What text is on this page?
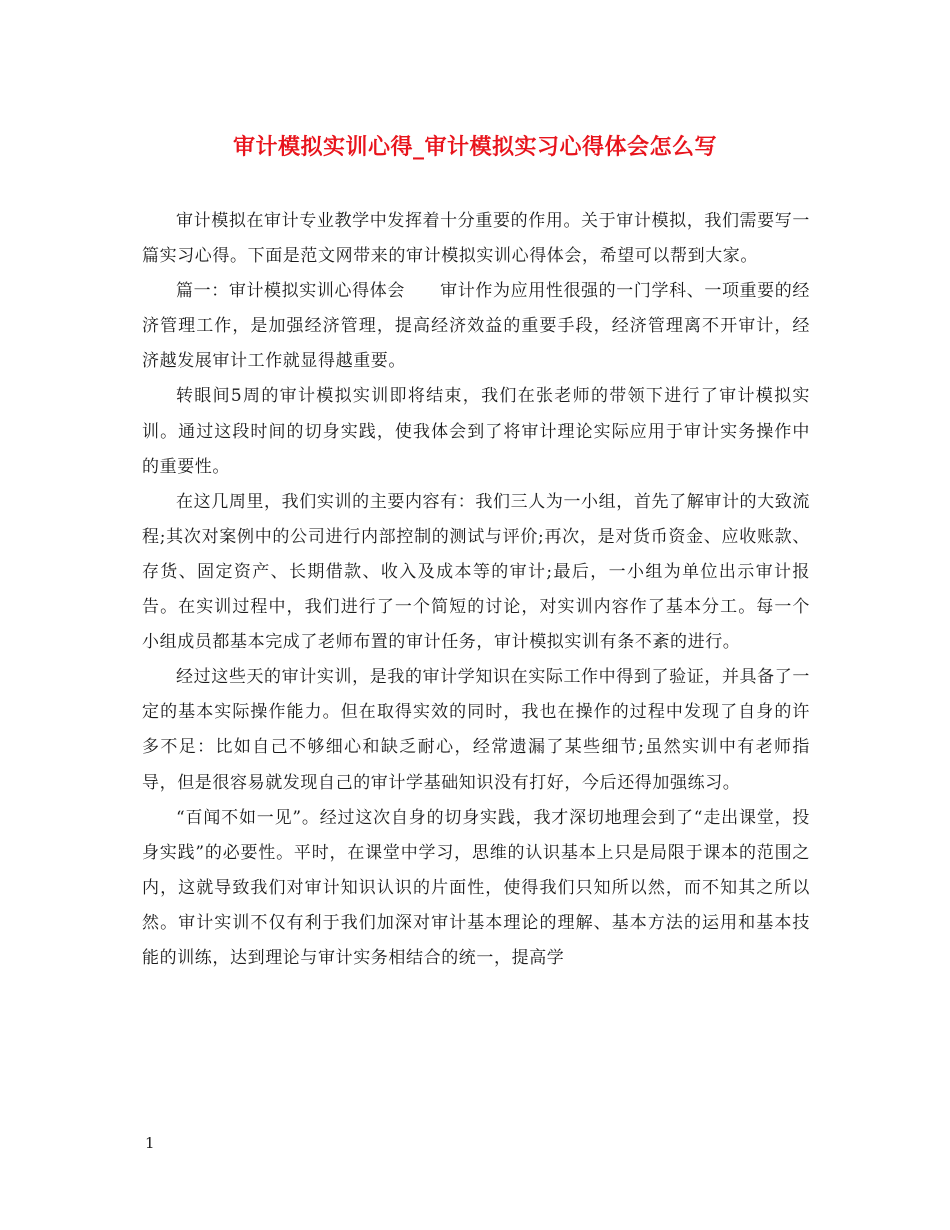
审计模拟实训心得_审计模拟实习心得体会怎么写

审计模拟在审计专业教学中发挥着十分重要的作用。关于审计模拟，我们需要写一篇实习心得。下面是范文网带来的审计模拟实训心得体会，希望可以帮到大家。

篇一：审计模拟实训心得体会　　审计作为应用性很强的一门学科、一项重要的经济管理工作，是加强经济管理，提高经济效益的重要手段，经济管理离不开审计，经济越发展审计工作就显得越重要。

转眼间5周的审计模拟实训即将结束，我们在张老师的带领下进行了审计模拟实训。通过这段时间的切身实践，使我体会到了将审计理论实际应用于审计实务操作中的重要性。

在这几周里，我们实训的主要内容有：我们三人为一小组，首先了解审计的大致流程;其次对案例中的公司进行内部控制的测试与评价;再次，是对货币资金、应收账款、存货、固定资产、长期借款、收入及成本等的审计;最后，一小组为单位出示审计报告。在实训过程中，我们进行了一个简短的讨论，对实训内容作了基本分工。每一个小组成员都基本完成了老师布置的审计任务，审计模拟实训有条不紊的进行。

经过这些天的审计实训，是我的审计学知识在实际工作中得到了验证，并具备了一定的基本实际操作能力。但在取得实效的同时，我也在操作的过程中发现了自身的许多不足：比如自己不够细心和缺乏耐心，经常遗漏了某些细节;虽然实训中有老师指导，但是很容易就发现自己的审计学基础知识没有打好，今后还得加强练习。

“百闻不如一见”。经过这次自身的切身实践，我才深切地理会到了“走出课堂，投身实践”的必要性。平时，在课堂中学习，思维的认识基本上只是局限于课本的范围之内，这就导致我们对审计知识认识的片面性，使得我们只知所以然，而不知其之所以然。审计实训不仅有利于我们加深对审计基本理论的理解、基本方法的运用和基本技能的训练，达到理论与审计实务相结合的统一，提高学

1
